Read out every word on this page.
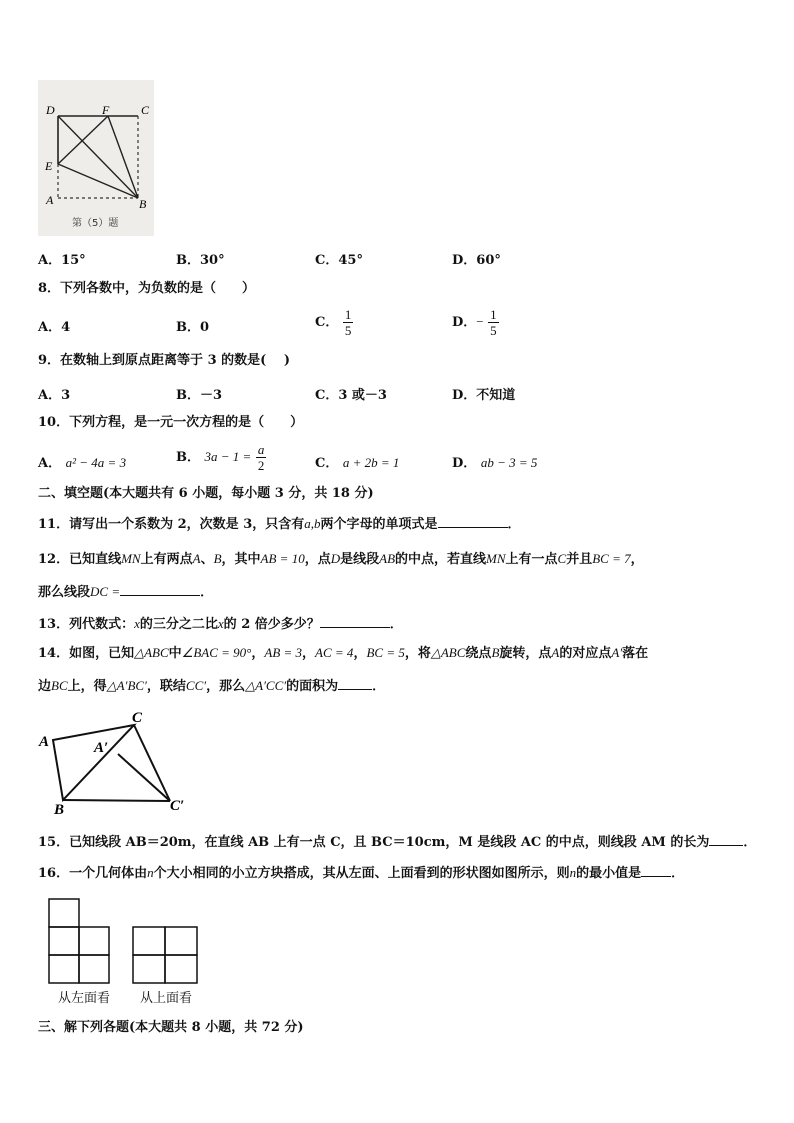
D	F	C
E
A	B
第（5）题
A．15°	B．30°	C．45°	D．60°
8．下列各数中，为负数的是（　　）
A．4	B．0	C． $\frac{1}{5}$	D．− $\frac{1}{5}$
9．在数轴上到原点距离等于 3 的数是(　 )
A．3	B．－3	C．3 或－3	D．不知道
10．下列方程，是一元一次方程的是（　　）
A． a² − 4a = 3	B． $3a - 1 = \frac{a}{2}$	C． a + 2b = 1	D． ab − 3 = 5
二、填空题(本大题共有 6 小题，每小题 3 分，共 18 分)
11．请写出一个系数为 2，次数是 3，只含有a,b两个字母的单项式是	．
12．已知直线MN上有两点A、B，其中AB = 10，点D是线段AB的中点，若直线MN上有一点C并且BC = 7，
那么线段DC =	．
13．列代数式：x的三分之二比x的 2 倍少多少？	．
14．如图，已知△ABC中∠BAC = 90°，AB = 3，AC = 4，BC = 5，将△ABC绕点B旋转，点A的对应点A′落在
边BC上，得△A′BC′，联结CC′，那么△A′CC′的面积为	．
A
C
A′
B	C′
15．已知线段 AB＝20m，在直线 AB 上有一点 C，且 BC＝10cm，M 是线段 AC 的中点，则线段 AM 的长为	．
16．一个几何体由n个大小相同的小立方块搭成，其从左面、上面看到的形状图如图所示，则n的最小值是 ．
从左面看 从上面看
三、解下列各题(本大题共 8 小题，共 72 分)
